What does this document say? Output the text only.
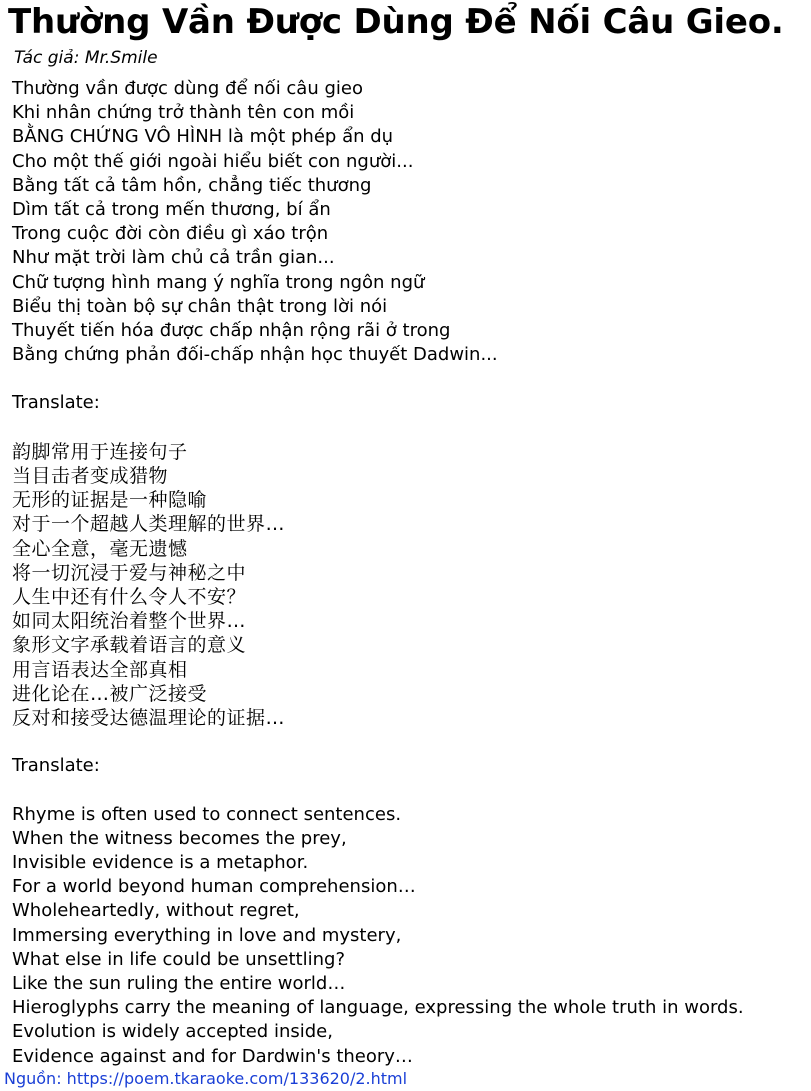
Thường Vần Được Dùng Để Nối Câu Gieo.
Tác giả: Mr.Smile
Thường vần được dùng để nối câu gieo
Khi nhân chứng trở thành tên con mồi
BẰNG CHỨNG VÔ HÌNH là một phép ẩn dụ
Cho một thế giới ngoài hiểu biết con người...
Bằng tất cả tâm hồn, chẳng tiếc thương
Dìm tất cả trong mến thương, bí ẩn
Trong cuộc đời còn điều gì xáo trộn
Như mặt trời làm chủ cả trần gian...
Chữ tượng hình mang ý nghĩa trong ngôn ngữ
Biểu thị toàn bộ sự chân thật trong lời nói
Thuyết tiến hóa được chấp nhận rộng rãi ở trong
Bằng chứng phản đối-chấp nhận học thuyết Dadwin...
Translate:
韵脚常用于连接句子
当目击者变成猎物
无形的证据是一种隐喻
对于一个超越人类理解的世界…
全心全意，毫无遗憾
将一切沉浸于爱与神秘之中
人生中还有什么令人不安？
如同太阳统治着整个世界…
象形文字承载着语言的意义
用言语表达全部真相
进化论在…被广泛接受
反对和接受达德温理论的证据…
Translate:
Rhyme is often used to connect sentences.
When the witness becomes the prey,
Invisible evidence is a metaphor.
For a world beyond human comprehension…
Wholeheartedly, without regret,
Immersing everything in love and mystery,
What else in life could be unsettling?
Like the sun ruling the entire world…
Hieroglyphs carry the meaning of language, expressing the whole truth in words.
Evolution is widely accepted inside,
Evidence against and for Dardwin's theory…
Nguồn: https://poem.tkaraoke.com/133620/2.html
